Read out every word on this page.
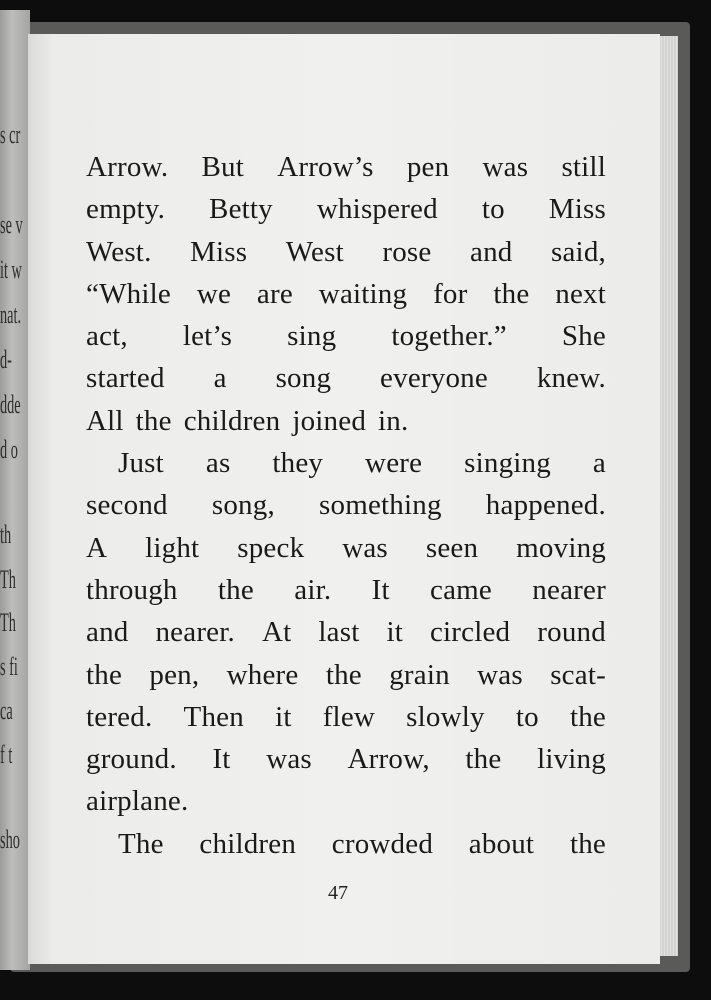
s cr
se v
it w
nat.
d-
dde
d o
th
Th
Th
s fi
ca
f t
sho
Arrow. But Arrow’s pen was still
empty. Betty whispered to Miss
West. Miss West rose and said,
“While we are waiting for the next
act, let’s sing together.” She
started a song everyone knew.
All the children joined in.
Just as they were singing a
second song, something happened.
A light speck was seen moving
through the air. It came nearer
and nearer. At last it circled round
the pen, where the grain was scat-
tered. Then it flew slowly to the
ground. It was Arrow, the living
airplane.
The children crowded about the
47
